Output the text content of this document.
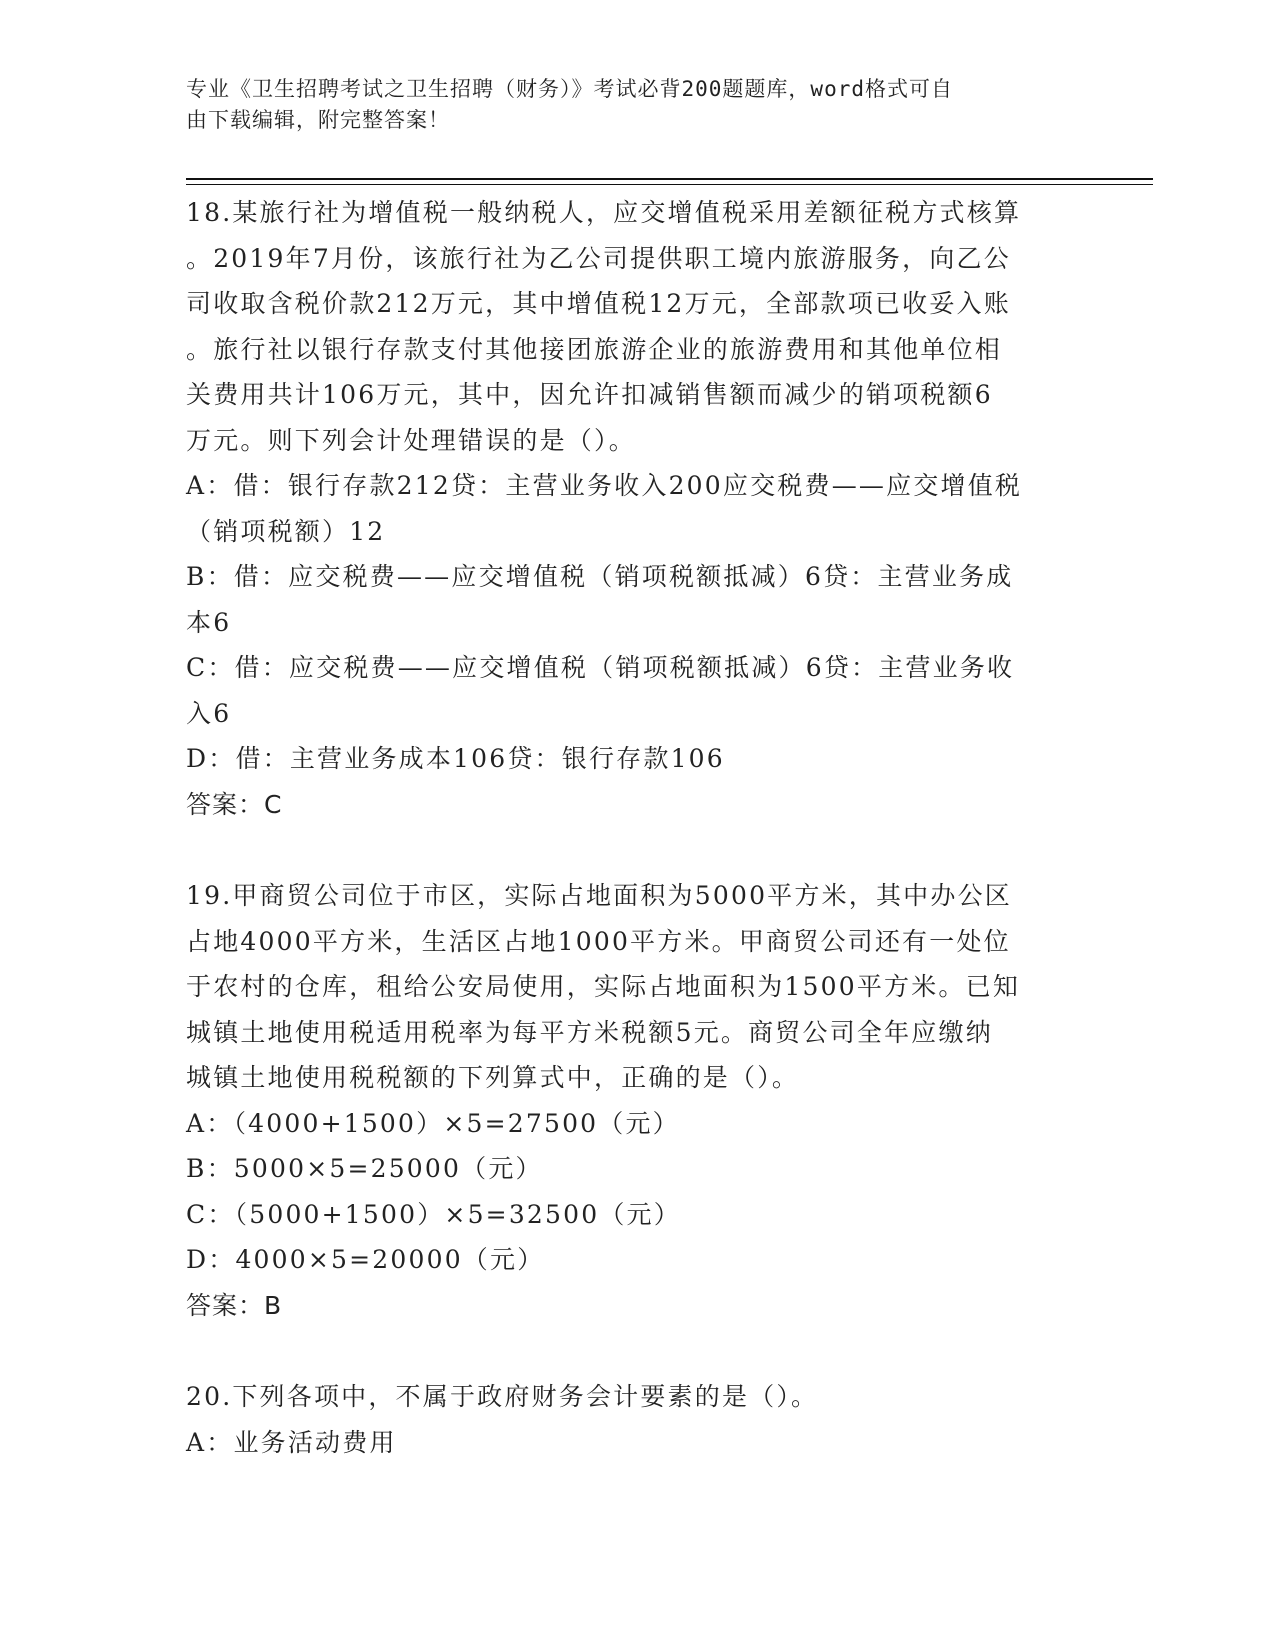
专业《卫生招聘考试之卫生招聘（财务）》考试必背200题题库，word格式可自
由下载编辑，附完整答案！
18.某旅行社为增值税一般纳税人，应交增值税采用差额征税方式核算
。2019年7月份，该旅行社为乙公司提供职工境内旅游服务，向乙公
司收取含税价款212万元，其中增值税12万元，全部款项已收妥入账
。旅行社以银行存款支付其他接团旅游企业的旅游费用和其他单位相
关费用共计106万元，其中，因允许扣减销售额而减少的销项税额6
万元。则下列会计处理错误的是（）。
A：借：银行存款212贷：主营业务收入200应交税费——应交增值税
（销项税额）12
B：借：应交税费——应交增值税（销项税额抵减）6贷：主营业务成
本6
C：借：应交税费——应交增值税（销项税额抵减）6贷：主营业务收
入6
D：借：主营业务成本106贷：银行存款106
答案：C
19.甲商贸公司位于市区，实际占地面积为5000平方米，其中办公区
占地4000平方米，生活区占地1000平方米。甲商贸公司还有一处位
于农村的仓库，租给公安局使用，实际占地面积为1500平方米。已知
城镇土地使用税适用税率为每平方米税额5元。商贸公司全年应缴纳
城镇土地使用税税额的下列算式中，正确的是（）。
A：（4000+1500）×5=27500（元）
B：5000×5=25000（元）
C：（5000+1500）×5=32500（元）
D：4000×5=20000（元）
答案：B
20.下列各项中，不属于政府财务会计要素的是（）。
A：业务活动费用
